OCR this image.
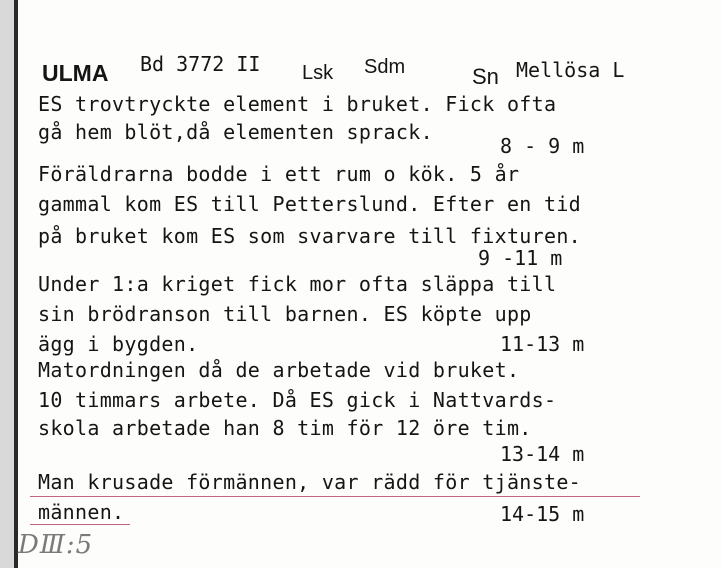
ULMA Bd 3772 II Lsk Sdm	Sn Mellösa L
ES trovtryckte element i bruket. Fick ofta
gå hem blöt,då elementen sprack.
8 - 9 m
Föräldrarna bodde i ett rum o kök. 5 år
gammal kom ES till Petterslund. Efter en tid
på bruket kom ES som svarvare till fixturen.
9 -11 m
Under 1:a kriget fick mor ofta släppa till
sin brödranson till barnen. ES köpte upp
ägg i bygden.	11-13 m
Matordningen då de arbetade vid bruket.
10 timmars arbete. Då ES gick i Nattvards-
skola arbetade han 8 tim för 12 öre tim.
13-14 m
Man krusade förmännen, var rädd för tjänste-
männen.	14-15 m
DⅢ:5
